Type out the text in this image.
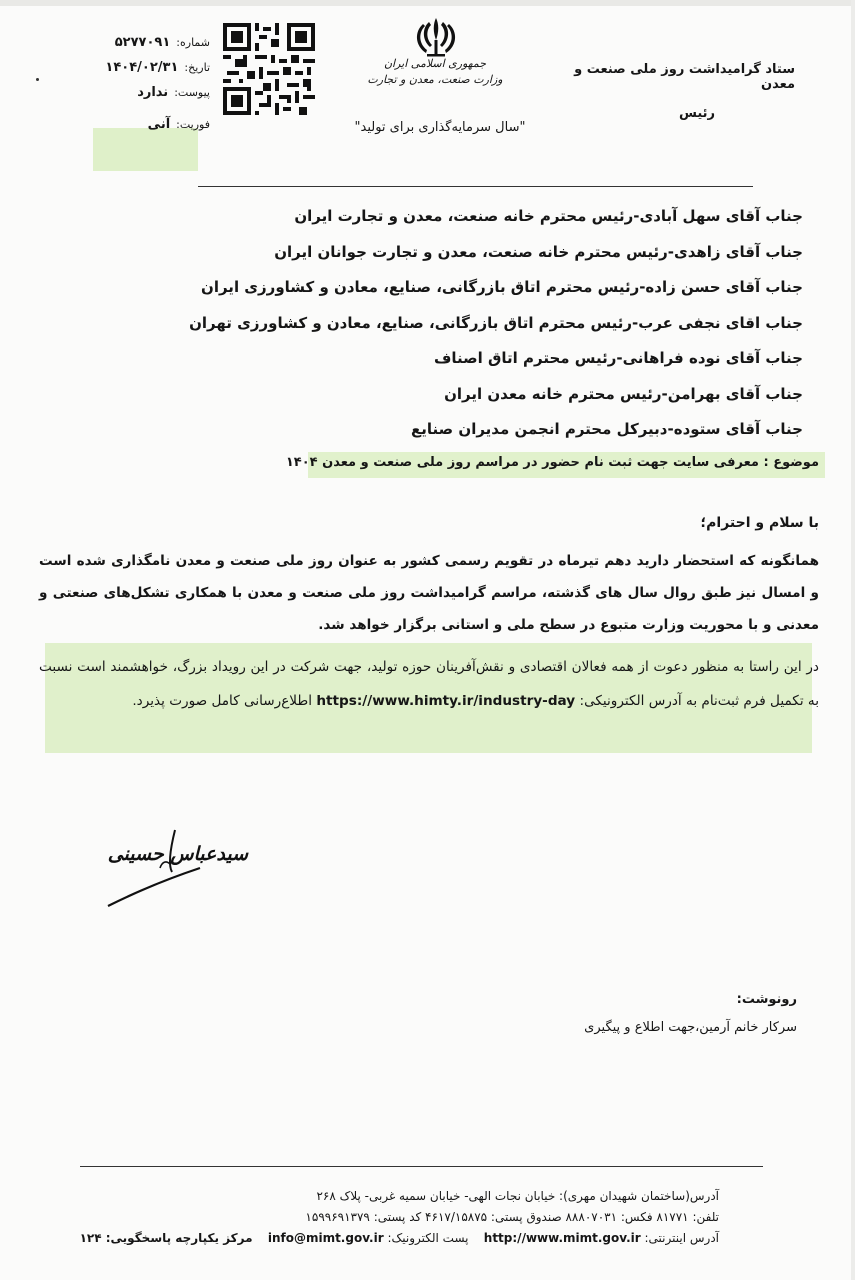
ستاد گرامیداشت روز ملی صنعت و معدن
رئیس
جمهوری اسلامی ایران
وزارت صنعت، معدن و تجارت
"سال سرمایه‌گذاری برای تولید"
شماره:۵۲۷۷۰۹۱
تاریخ:۱۴۰۴/۰۲/۳۱
پیوست:ندارد
فوریت:آنی
جناب آقای سهل آبادی-رئیس محترم خانه صنعت، معدن و تجارت ایران
جناب آقای زاهدی-رئیس محترم خانه صنعت، معدن و تجارت جوانان ایران
جناب آقای حسن زاده-رئیس محترم اتاق بازرگانی، صنایع، معادن و کشاورزی ایران
جناب اقای نجفی عرب-رئیس محترم اتاق بازرگانی، صنایع، معادن و کشاورزی تهران
جناب آقای نوده فراهانی-رئیس محترم اتاق اصناف
جناب آقای بهرامن-رئیس محترم خانه معدن ایران
جناب آقای ستوده-دبیرکل محترم انجمن مدیران صنایع
موضوع : معرفی سایت جهت ثبت نام حضور در مراسم روز ملی صنعت و معدن ۱۴۰۴
با سلام و احترام؛
همانگونه که استحضار دارید دهم تیرماه در تقویم رسمی کشور به عنوان روز ملی صنعت و معدن نامگذاری شده است و امسال نیز طبق روال سال های گذشته، مراسم گرامیداشت روز ملی صنعت و معدن با همکاری تشکل‌های صنعتی و معدنی و با محوریت وزارت متبوع در سطح ملی و استانی برگزار خواهد شد.
در این راستا به منظور دعوت از همه فعالان اقتصادی و نقش‌آفرینان حوزه تولید، جهت شرکت در این رویداد بزرگ، خواهشمند است نسبت به تکمیل فرم ثبت‌نام به آدرس الکترونیکی: https://www.himty.ir/industry-day اطلاع‌رسانی کامل صورت پذیرد.
سیدعباس حسینی
رونوشت:
سرکار خانم آرمین،جهت اطلاع و پیگیری
آدرس(ساختمان شهیدان مهری): خیابان نجات الهی- خیابان سمیه غربی- پلاک ۲۶۸
تلفن: ۸۱۷۷۱ فکس: ۸۸۸۰۷۰۳۱ صندوق پستی: ۴۶۱۷/۱۵۸۷۵ کد پستی: ۱۵۹۹۶۹۱۳۷۹
آدرس اینترنتی: http://www.mimt.gov.ir    پست الکترونیک: info@mimt.gov.ir    مرکز یکپارچه پاسخگویی: ۱۲۴
